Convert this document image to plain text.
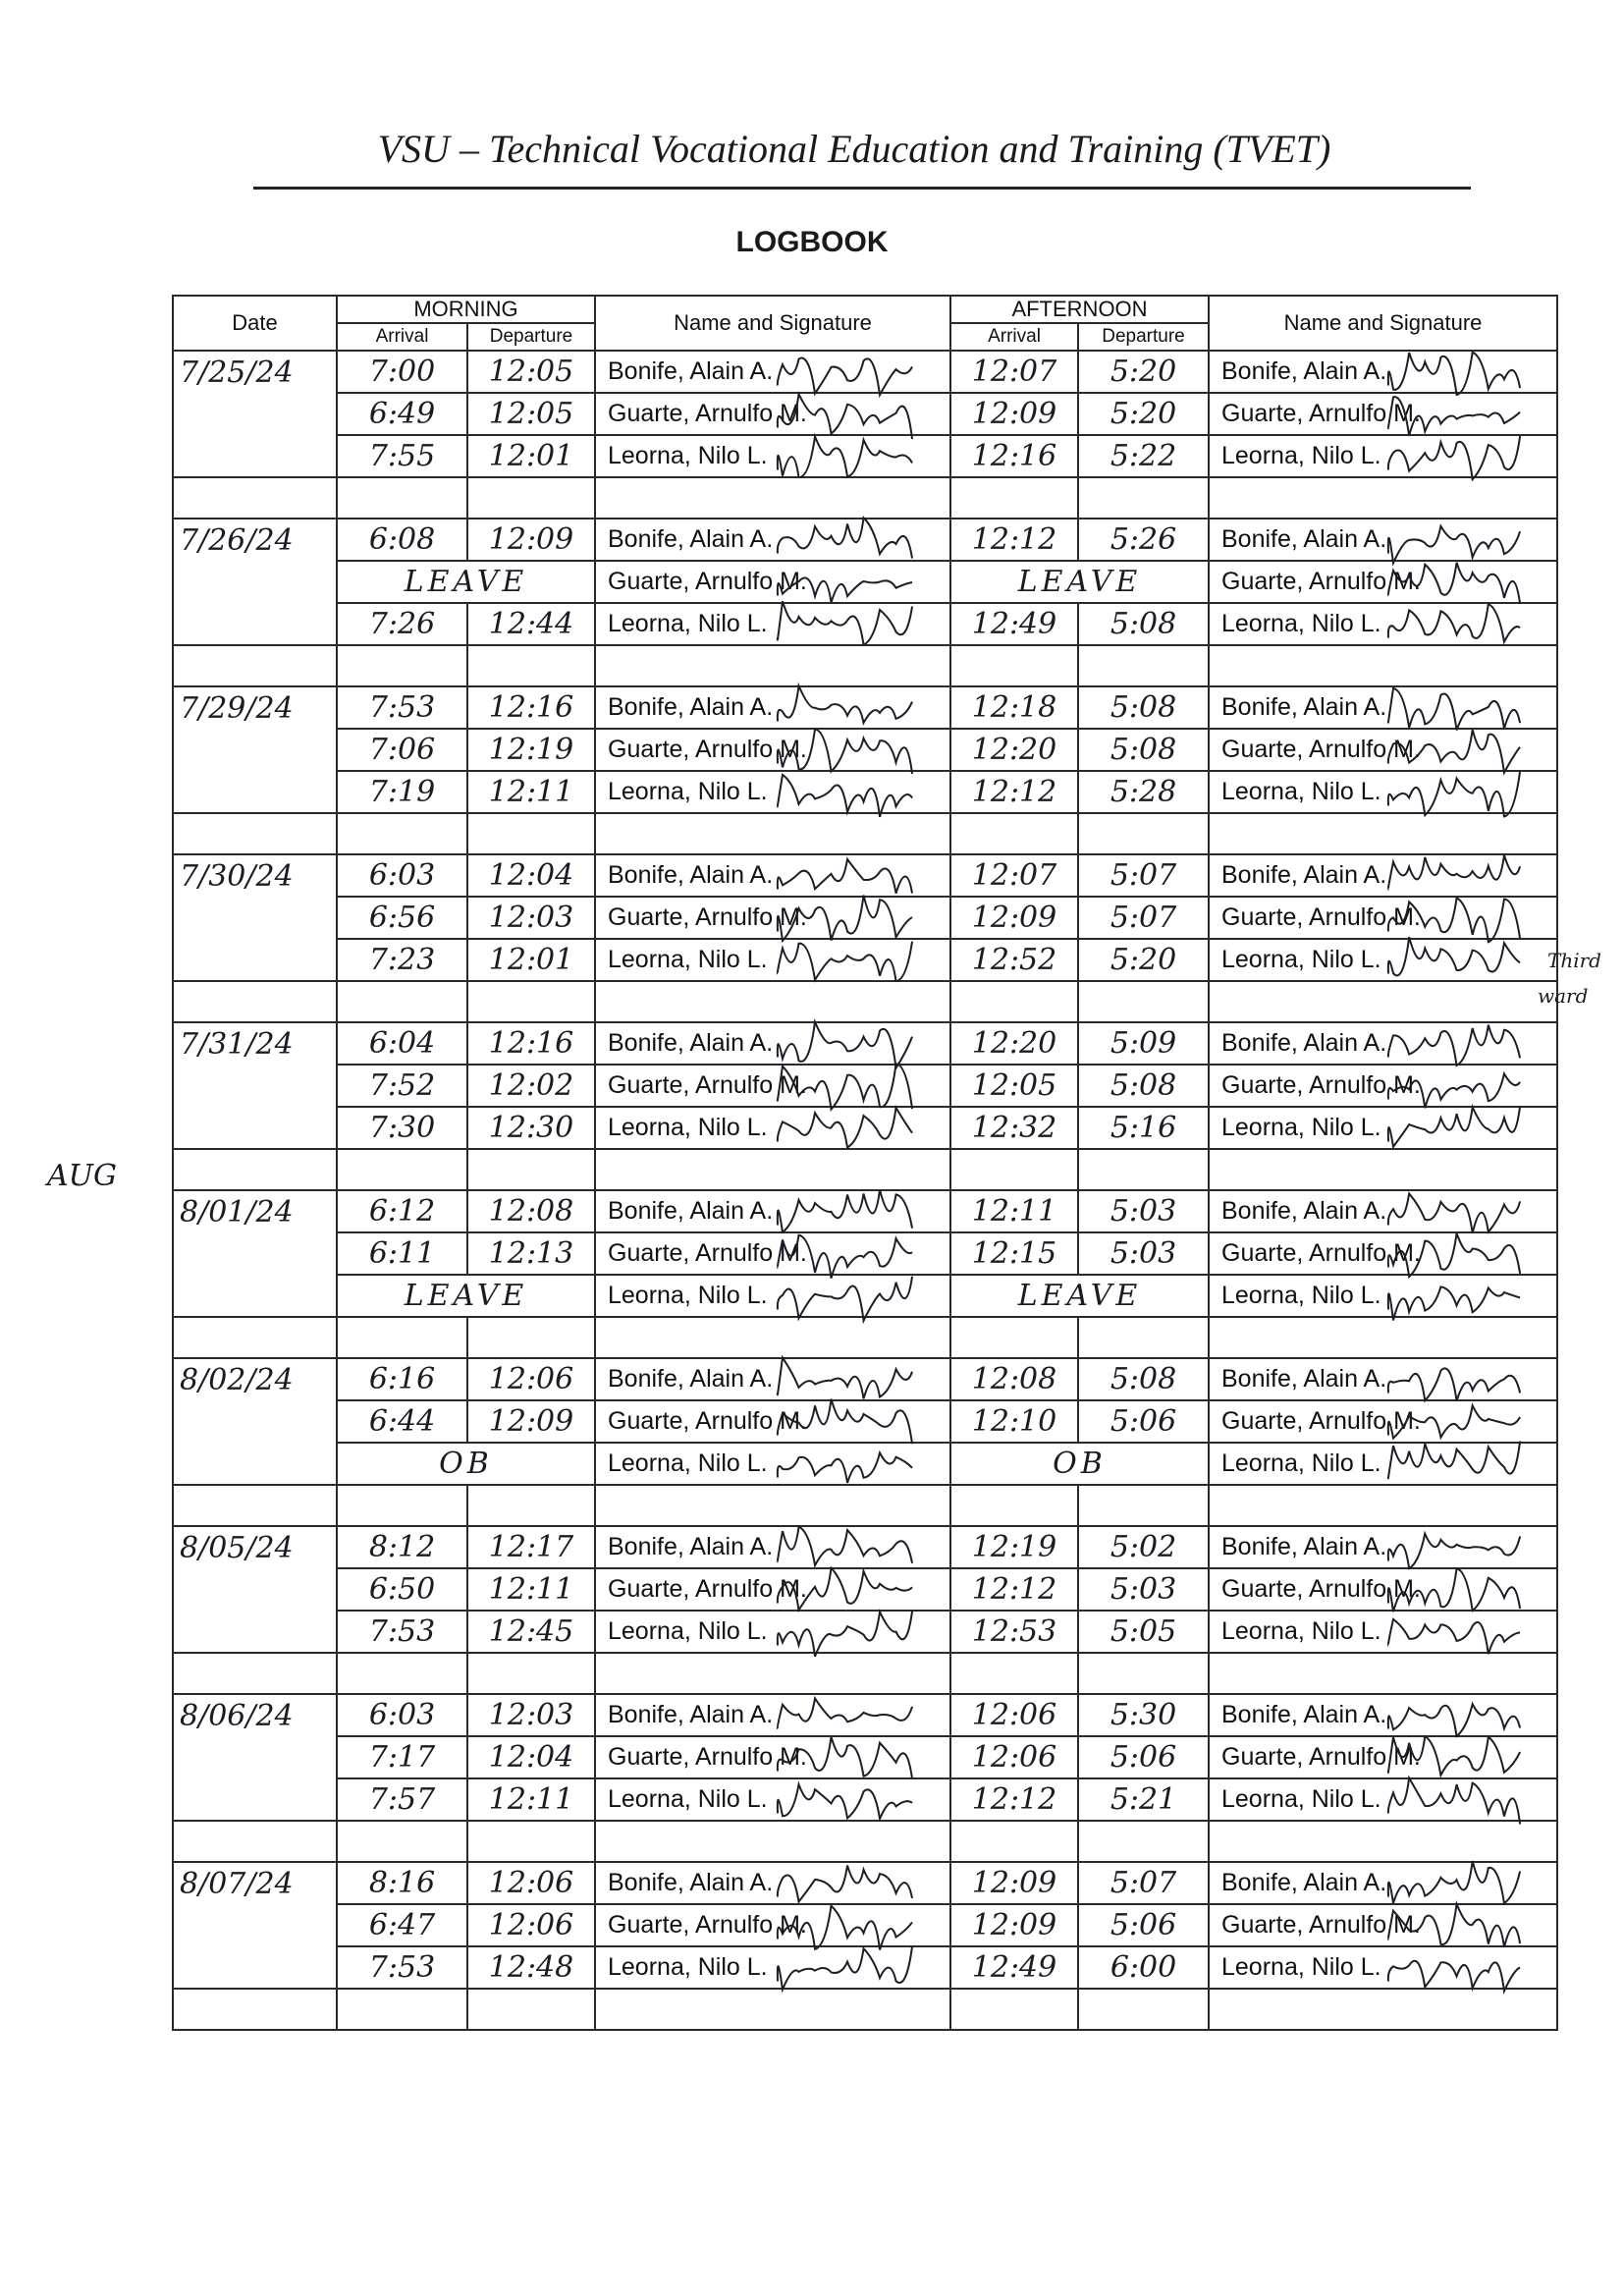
VSU – Technical Vocational Education and Training (TVET)
LOGBOOK
Date	MORNING		Name and Signature	AFTERNOON		Name and Signature
	Arrival	Departure		Arrival	Departure	
7/25/24	7:00	12:05	Bonife, Alain A.	12:07	5:20	Bonife, Alain A.
	6:49	12:05	Guarte, Arnulfo M.	12:09	5:20	Guarte, Arnulfo M.
	7:55	12:01	Leorna, Nilo L.	12:16	5:22	Leorna, Nilo L.

7/26/24	6:08	12:09	Bonife, Alain A.	12:12	5:26	Bonife, Alain A.
	LEAVE		Guarte, Arnulfo M.	LEAVE		Guarte, Arnulfo M.
	7:26	12:44	Leorna, Nilo L.	12:49	5:08	Leorna, Nilo L.

7/29/24	7:53	12:16	Bonife, Alain A.	12:18	5:08	Bonife, Alain A.
	7:06	12:19	Guarte, Arnulfo M.	12:20	5:08	Guarte, Arnulfo M.
	7:19	12:11	Leorna, Nilo L.	12:12	5:28	Leorna, Nilo L.

7/30/24	6:03	12:04	Bonife, Alain A.	12:07	5:07	Bonife, Alain A.
	6:56	12:03	Guarte, Arnulfo M.	12:09	5:07	Guarte, Arnulfo M.
	7:23	12:01	Leorna, Nilo L.	12:52	5:20	Leorna, Nilo L.

7/31/24	6:04	12:16	Bonife, Alain A.	12:20	5:09	Bonife, Alain A.
	7:52	12:02	Guarte, Arnulfo M.	12:05	5:08	Guarte, Arnulfo M.
	7:30	12:30	Leorna, Nilo L.	12:32	5:16	Leorna, Nilo L.

8/01/24	6:12	12:08	Bonife, Alain A.	12:11	5:03	Bonife, Alain A.
	6:11	12:13	Guarte, Arnulfo M.	12:15	5:03	Guarte, Arnulfo M.
	LEAVE		Leorna, Nilo L.	LEAVE		Leorna, Nilo L.

8/02/24	6:16	12:06	Bonife, Alain A.	12:08	5:08	Bonife, Alain A.
	6:44	12:09	Guarte, Arnulfo M.	12:10	5:06	Guarte, Arnulfo M.
	OB		Leorna, Nilo L.	OB		Leorna, Nilo L.

8/05/24	8:12	12:17	Bonife, Alain A.	12:19	5:02	Bonife, Alain A.
	6:50	12:11	Guarte, Arnulfo M.	12:12	5:03	Guarte, Arnulfo M.
	7:53	12:45	Leorna, Nilo L.	12:53	5:05	Leorna, Nilo L.

8/06/24	6:03	12:03	Bonife, Alain A.	12:06	5:30	Bonife, Alain A.
	7:17	12:04	Guarte, Arnulfo M.	12:06	5:06	Guarte, Arnulfo M.
	7:57	12:11	Leorna, Nilo L.	12:12	5:21	Leorna, Nilo L.

8/07/24	8:16	12:06	Bonife, Alain A.	12:09	5:07	Bonife, Alain A.
	6:47	12:06	Guarte, Arnulfo M.	12:09	5:06	Guarte, Arnulfo M.
	7:53	12:48	Leorna, Nilo L.	12:49	6:00	Leorna, Nilo L.

AUG
Third
ward
